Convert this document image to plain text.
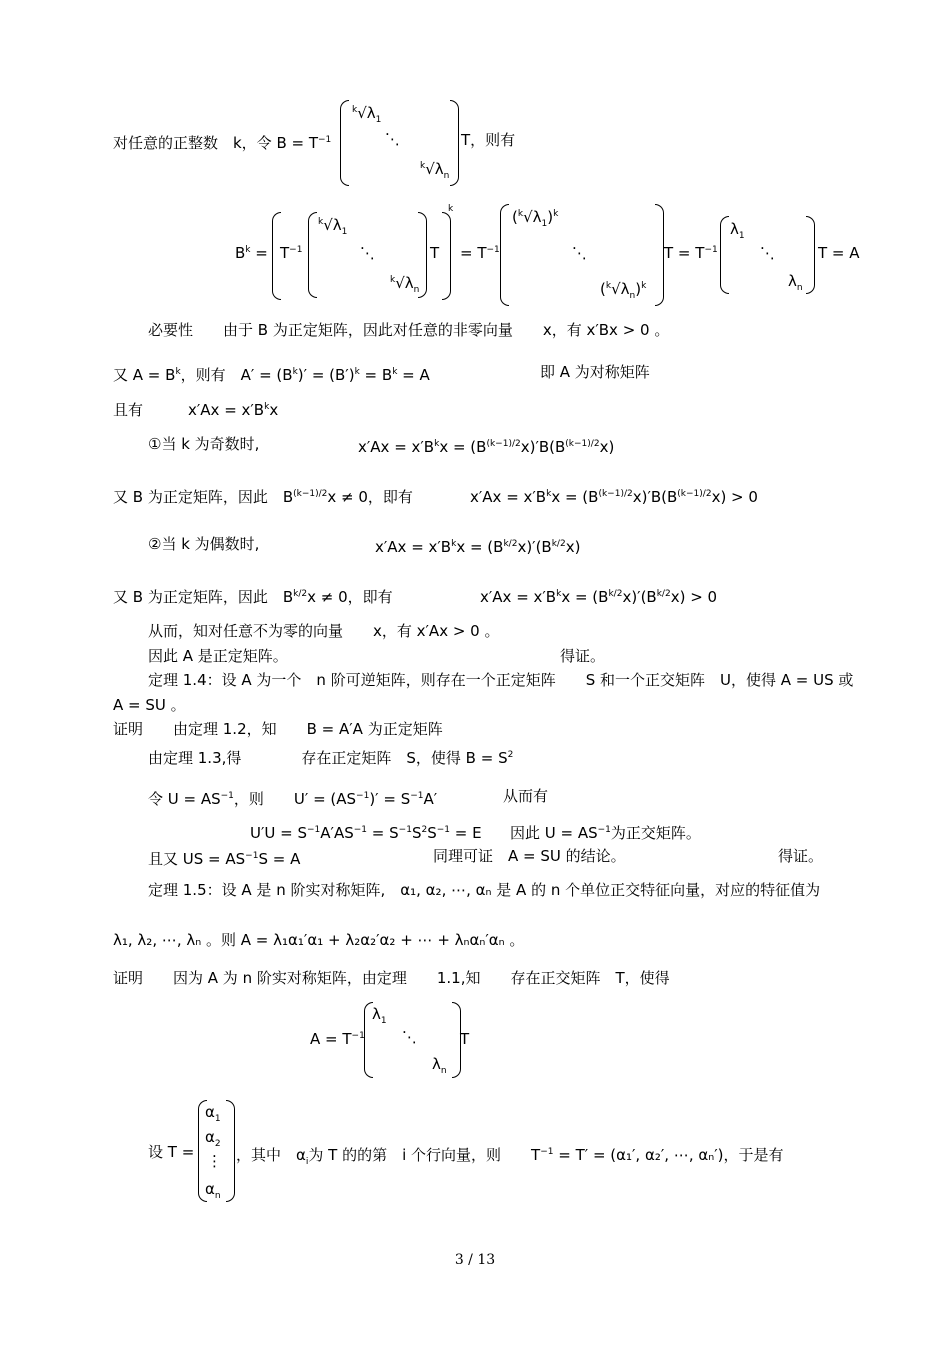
对任意的正整数　k，令 $B = T^{-1}$
$^k√\lambda_1$
⋱
$^k√\lambda_n$
T，则有
$B^k = T^{-1}$
$^k√\lambda_1$
⋱
$^k√\lambda_n$
T
k
= $T^{-1}$
$(^k√\lambda_1)^k$
⋱
$(^k√\lambda_n)^k$
$T = T^{-1}$
$\lambda_1$
⋱
$\lambda_n$
T = A
必要性　　由于 B 为正定矩阵，因此对任意的非零向量　　x，有 x′Bx > 0 。
又 $A = B^k$，则有　$A' = (B^k)' = (B')^k = B^k = A$	即 A 为对称矩阵
且有　　　$x'Ax = x'B^kx$
①当 k 为奇数时,	$x'Ax = x'B^kx = (B^{(k-1)/2}x)'B(B^{(k-1)/2}x)$
又 B 为正定矩阵，因此　$B^{(k-1)/2}x \ne 0$，即有	$x'Ax = x'B^kx = (B^{(k-1)/2}x)'B(B^{(k-1)/2}x) > 0$
②当 k 为偶数时,	$x'Ax = x'B^kx = (B^{k/2}x)'(B^{k/2}x)$
又 B 为正定矩阵，因此　$B^{k/2}x \ne 0$，即有	$x'Ax = x'B^kx = (B^{k/2}x)'(B^{k/2}x) > 0$
从而，知对任意不为零的向量　　x，有 x′Ax > 0 。
因此 A 是正定矩阵。	得证。
定理 1.4：设 A 为一个　n 阶可逆矩阵，则存在一个正定矩阵　　S 和一个正交矩阵　U，使得 A = US 或
A = SU 。
证明　　由定理 1.2，知　　B = A′A 为正定矩阵
由定理 1.3,得　　　　存在正定矩阵　S，使得 $B = S^2$
令 $U = AS^{-1}$，则　　$U' = (AS^{-1})' = S^{-1}A'$	从而有
$U'U = S^{-1}A'AS^{-1} = S^{-1}S^2S^{-1} = E$ 因此 $U = AS^{-1}$为正交矩阵。
且又 US = $AS^{-1}S = A$	同理可证　A = SU 的结论。	得证。
定理 1.5：设 A 是 n 阶实对称矩阵,　α₁, α₂, ⋯, αₙ 是 A 的 n 个单位正交特征向量，对应的特征值为
λ₁, λ₂, ⋯, λₙ 。则 A = λ₁α₁′α₁ + λ₂α₂′α₂ + ⋯ + λₙαₙ′αₙ 。
证明　　因为 A 为 n 阶实对称矩阵，由定理　　1.1,知　　存在正交矩阵　T，使得
$A = T^{-1}$
$\lambda_1$
⋱
$\lambda_n$
T
设 T =
$\alpha_1$
$\alpha_2$
⋮
$\alpha_n$
，其中　$\alpha_i$为 T 的的第　i 个行向量，则　　$T^{-1} = T' = (\alpha_1'$, α₂′, ⋯, αₙ′)，于是有
3 / 13
